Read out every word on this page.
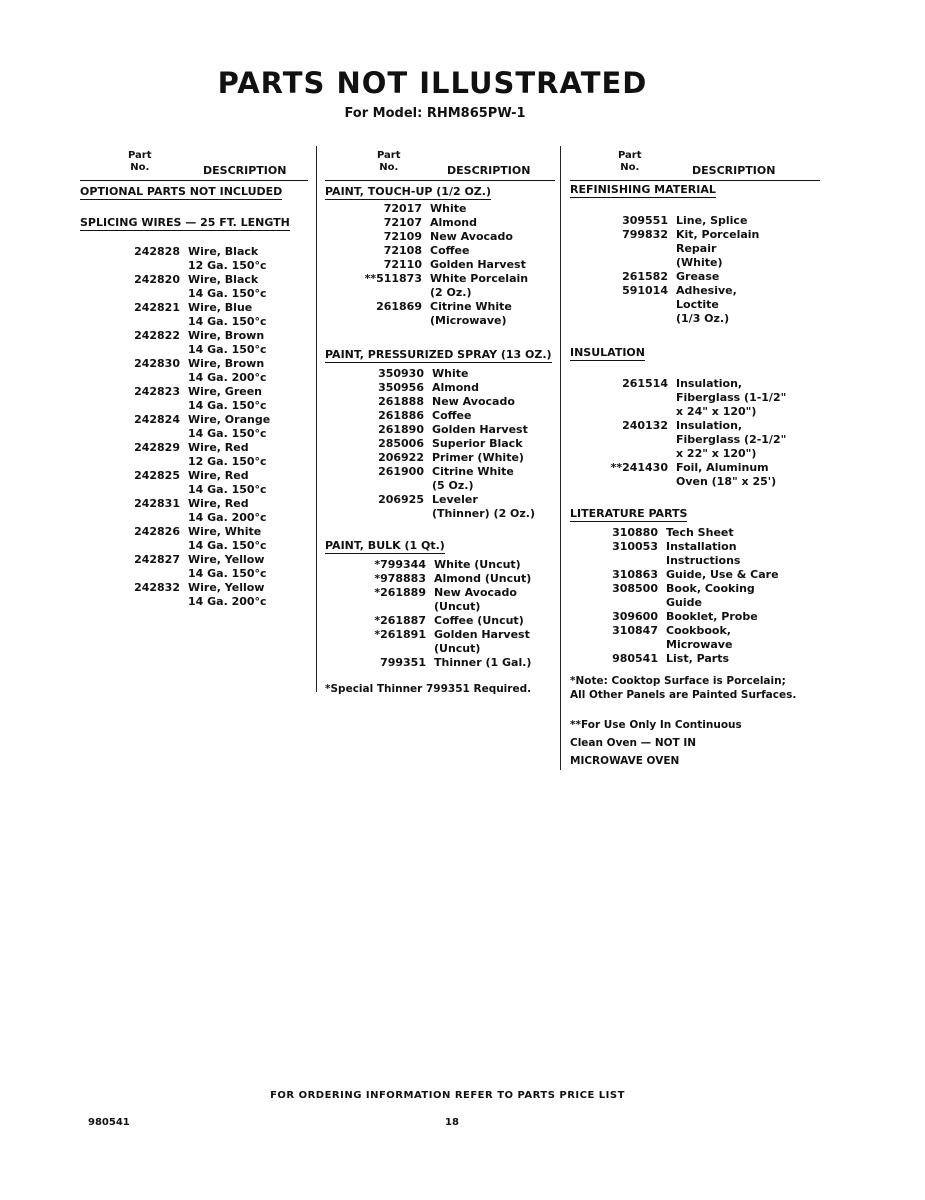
PARTS NOT ILLUSTRATED
For Model: RHM865PW-1
Part
No.	DESCRIPTION
OPTIONAL PARTS NOT INCLUDED
SPLICING WIRES — 25 FT. LENGTH
242828 Wire, Black
12 Ga. 150°c
242820 Wire, Black
14 Ga. 150°c
242821 Wire, Blue
14 Ga. 150°c
242822 Wire, Brown
14 Ga. 150°c
242830 Wire, Brown
14 Ga. 200°c
242823 Wire, Green
14 Ga. 150°c
242824 Wire, Orange
14 Ga. 150°c
242829 Wire, Red
12 Ga. 150°c
242825 Wire, Red
14 Ga. 150°c
242831 Wire, Red
14 Ga. 200°c
242826 Wire, White
14 Ga. 150°c
242827 Wire, Yellow
14 Ga. 150°c
242832 Wire, Yellow
14 Ga. 200°c
Part
No.	DESCRIPTION
PAINT, TOUCH-UP (1/2 OZ.)
72017 White
72107 Almond
72109 New Avocado
72108 Coffee
72110 Golden Harvest
**511873 White Porcelain
(2 Oz.)
261869 Citrine White
(Microwave)
PAINT, PRESSURIZED SPRAY (13 OZ.)
350930 White
350956 Almond
261888 New Avocado
261886 Coffee
261890 Golden Harvest
285006 Superior Black
206922 Primer (White)
261900 Citrine White
(5 Oz.)
206925 Leveler
(Thinner) (2 Oz.)
PAINT, BULK (1 Qt.)
*799344 White (Uncut)
*978883 Almond (Uncut)
*261889 New Avocado
(Uncut)
*261887 Coffee (Uncut)
*261891 Golden Harvest
(Uncut)
799351 Thinner (1 Gal.)
*Special Thinner 799351 Required.
Part
No.	DESCRIPTION
REFINISHING MATERIAL
309551 Line, Splice
799832 Kit, Porcelain
Repair
(White)
261582 Grease
591014 Adhesive,
Loctite
(1/3 Oz.)
INSULATION
261514 Insulation,
Fiberglass (1-1/2"
x 24" x 120")
240132 Insulation,
Fiberglass (2-1/2"
x 22" x 120")
**241430 Foil, Aluminum
Oven (18" x 25')
LITERATURE PARTS
310880 Tech Sheet
310053 Installation
Instructions
310863 Guide, Use & Care
308500 Book, Cooking
Guide
309600 Booklet, Probe
310847 Cookbook,
Microwave
980541 List, Parts
*Note: Cooktop Surface is Porcelain;
All Other Panels are Painted Surfaces.
**For Use Only In Continuous
Clean Oven — NOT IN
MICROWAVE OVEN
FOR ORDERING INFORMATION REFER TO PARTS PRICE LIST
980541	18
